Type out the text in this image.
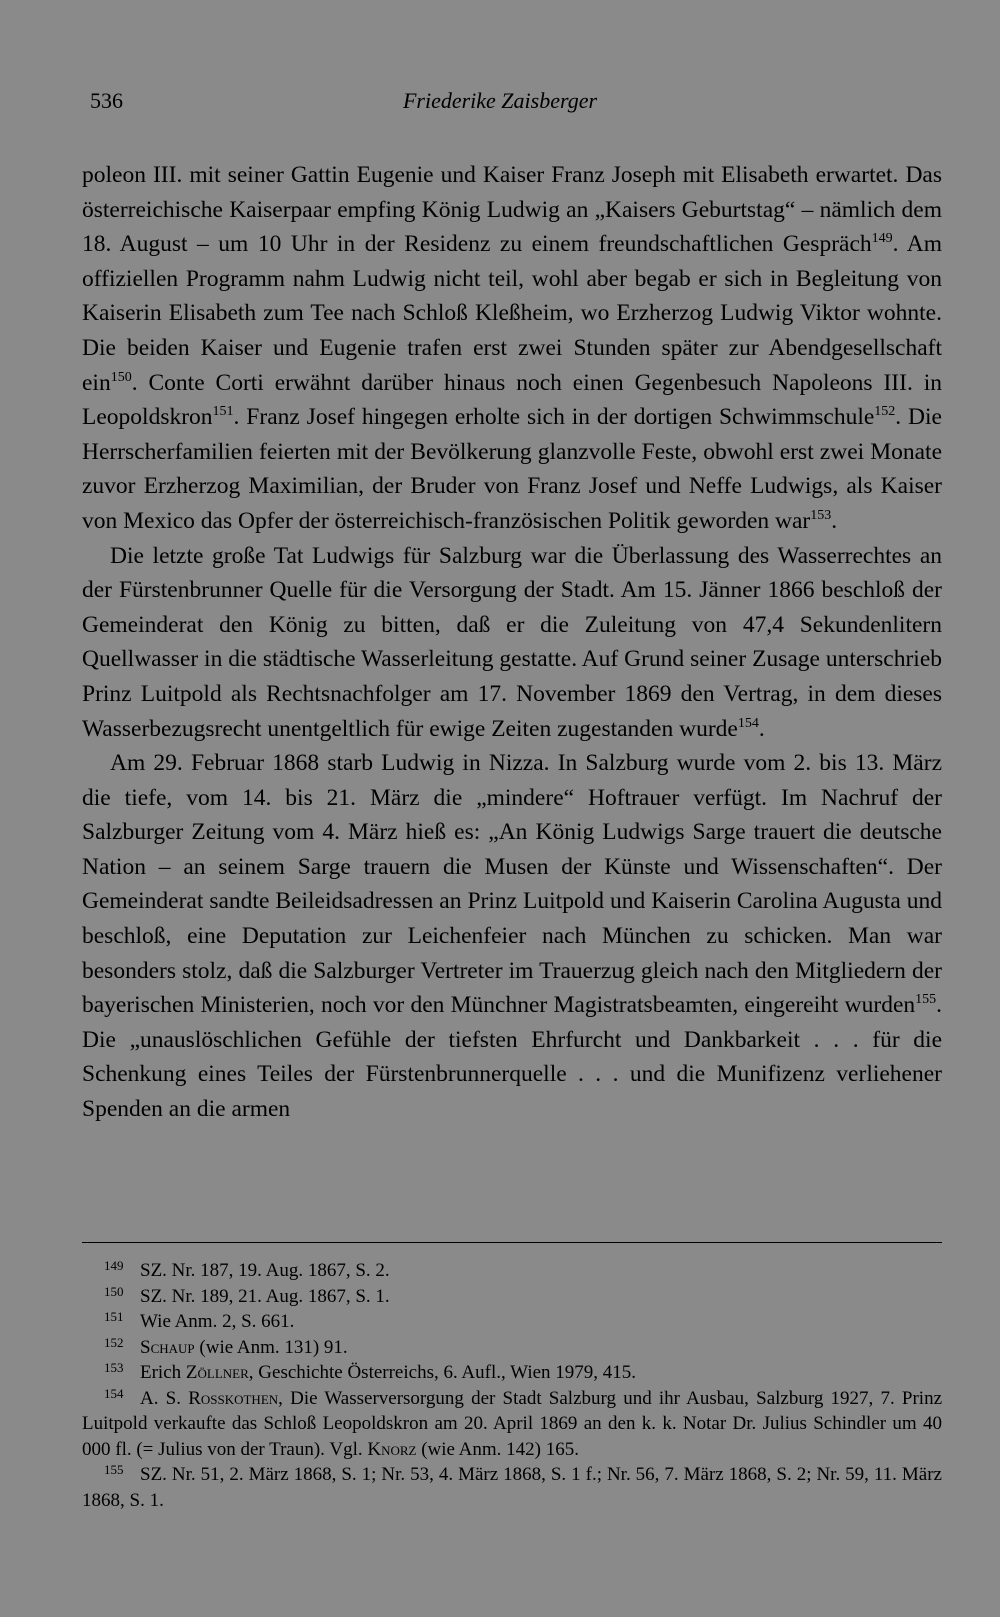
536	Friederike Zaisberger

poleon III. mit seiner Gattin Eugenie und Kaiser Franz Joseph mit Elisabeth erwartet. Das österreichische Kaiserpaar empfing König Ludwig an „Kaisers Geburtstag“ – nämlich dem 18. August – um 10 Uhr in der Residenz zu einem freundschaftlichen Gespräch$^{149}$. Am offiziellen Programm nahm Ludwig nicht teil, wohl aber begab er sich in Begleitung von Kaiserin Elisabeth zum Tee nach Schloß Kleßheim, wo Erzherzog Ludwig Viktor wohnte. Die beiden Kaiser und Eugenie trafen erst zwei Stunden später zur Abendgesellschaft ein$^{150}$. Conte Corti erwähnt darüber hinaus noch einen Gegenbesuch Napoleons III. in Leopoldskron$^{151}$. Franz Josef hingegen erholte sich in der dortigen Schwimmschule$^{152}$. Die Herrscherfamilien feierten mit der Bevölkerung glanzvolle Feste, obwohl erst zwei Monate zuvor Erzherzog Maximilian, der Bruder von Franz Josef und Neffe Ludwigs, als Kaiser von Mexico das Opfer der österreichisch-französischen Politik geworden war$^{153}$.

Die letzte große Tat Ludwigs für Salzburg war die Überlassung des Wasserrechtes an der Fürstenbrunner Quelle für die Versorgung der Stadt. Am 15. Jänner 1866 beschloß der Gemeinderat den König zu bitten, daß er die Zuleitung von 47,4 Sekundenlitern Quellwasser in die städtische Wasserleitung gestatte. Auf Grund seiner Zusage unterschrieb Prinz Luitpold als Rechtsnachfolger am 17. November 1869 den Vertrag, in dem dieses Wasserbezugsrecht unentgeltlich für ewige Zeiten zugestanden wurde$^{154}$.

Am 29. Februar 1868 starb Ludwig in Nizza. In Salzburg wurde vom 2. bis 13. März die tiefe, vom 14. bis 21. März die „mindere“ Hoftrauer verfügt. Im Nachruf der Salzburger Zeitung vom 4. März hieß es: „An König Ludwigs Sarge trauert die deutsche Nation – an seinem Sarge trauern die Musen der Künste und Wissenschaften“. Der Gemeinderat sandte Beileidsadressen an Prinz Luitpold und Kaiserin Carolina Augusta und beschloß, eine Deputation zur Leichenfeier nach München zu schicken. Man war besonders stolz, daß die Salzburger Vertreter im Trauerzug gleich nach den Mitgliedern der bayerischen Ministerien, noch vor den Münchner Magistratsbeamten, eingereiht wurden$^{155}$. Die „unauslöschlichen Gefühle der tiefsten Ehrfurcht und Dankbarkeit . . . für die Schenkung eines Teiles der Fürstenbrunnerquelle . . . und die Munifizenz verliehener Spenden an die armen

149 SZ. Nr. 187, 19. Aug. 1867, S. 2.

150 SZ. Nr. 189, 21. Aug. 1867, S. 1.

151 Wie Anm. 2, S. 661.

152 Schaup (wie Anm. 131) 91.

153 Erich Zöllner, Geschichte Österreichs, 6. Aufl., Wien 1979, 415.

154 A. S. Rosskothen, Die Wasserversorgung der Stadt Salzburg und ihr Ausbau, Salzburg 1927, 7. Prinz Luitpold verkaufte das Schloß Leopoldskron am 20. April 1869 an den k. k. Notar Dr. Julius Schindler um 40 000 fl. (= Julius von der Traun). Vgl. Knorz (wie Anm. 142) 165.

155 SZ. Nr. 51, 2. März 1868, S. 1; Nr. 53, 4. März 1868, S. 1 f.; Nr. 56, 7. März 1868, S. 2; Nr. 59, 11. März 1868, S. 1.
